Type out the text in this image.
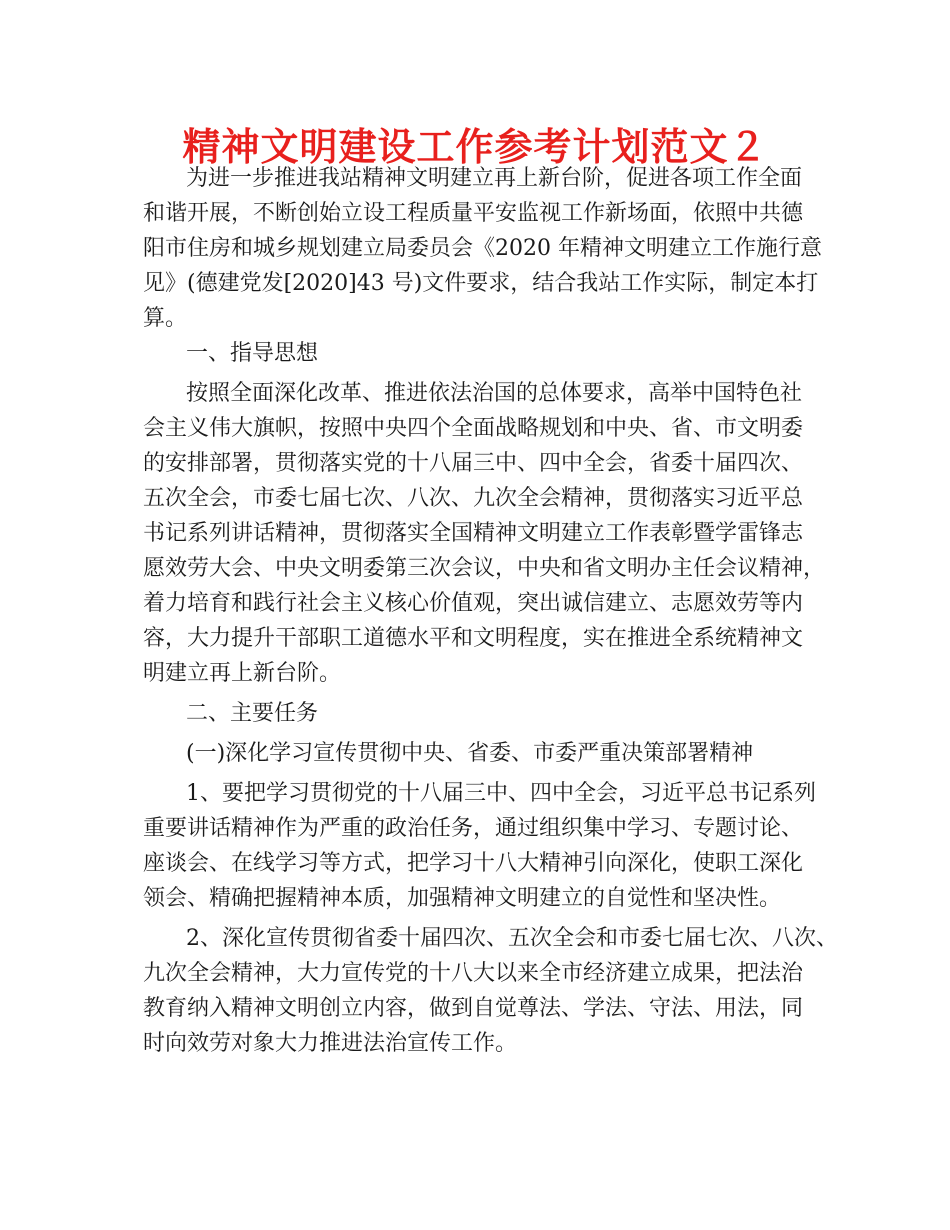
精神文明建设工作参考计划范文２

为进一步推进我站精神文明建立再上新台阶，促进各项工作全面

和谐开展，不断创始立设工程质量平安监视工作新场面，依照中共德

阳市住房和城乡规划建立局委员会《2020 年精神文明建立工作施行意

见》(德建党发[2020]43 号)文件要求，结合我站工作实际，制定本打

算。

一、指导思想

按照全面深化改革、推进依法治国的总体要求，高举中国特色社

会主义伟大旗帜，按照中央四个全面战略规划和中央、省、市文明委

的安排部署，贯彻落实党的十八届三中、四中全会，省委十届四次、

五次全会，市委七届七次、八次、九次全会精神，贯彻落实习近平总

书记系列讲话精神，贯彻落实全国精神文明建立工作表彰暨学雷锋志

愿效劳大会、中央文明委第三次会议，中央和省文明办主任会议精神，

着力培育和践行社会主义核心价值观，突出诚信建立、志愿效劳等内

容，大力提升干部职工道德水平和文明程度，实在推进全系统精神文

明建立再上新台阶。

二、主要任务

(一)深化学习宣传贯彻中央、省委、市委严重决策部署精神

1、要把学习贯彻党的十八届三中、四中全会，习近平总书记系列

重要讲话精神作为严重的政治任务，通过组织集中学习、专题讨论、

座谈会、在线学习等方式，把学习十八大精神引向深化，使职工深化

领会、精确把握精神本质，加强精神文明建立的自觉性和坚决性。

2、深化宣传贯彻省委十届四次、五次全会和市委七届七次、八次、

九次全会精神，大力宣传党的十八大以来全市经济建立成果，把法治

教育纳入精神文明创立内容，做到自觉尊法、学法、守法、用法，同

时向效劳对象大力推进法治宣传工作。
